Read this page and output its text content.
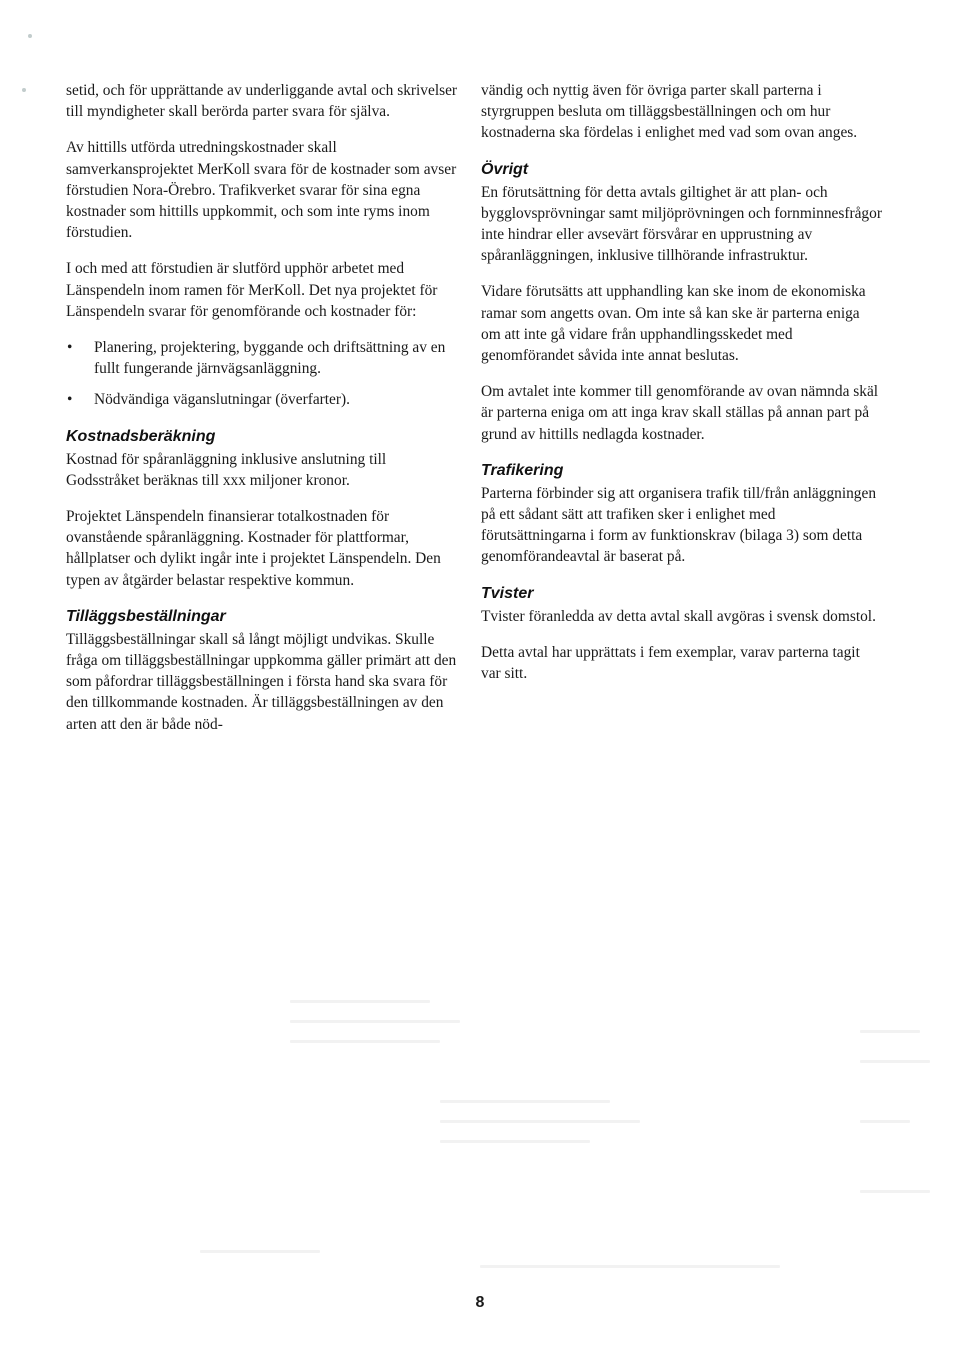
setid, och för upprättande av underliggande avtal och skrivelser till myndigheter skall berörda parter svara för själva.

Av hittills utförda utredningskostnader skall samverkansprojektet MerKoll svara för de kostnader som avser förstudien Nora-Örebro. Trafikverket svarar för sina egna kostnader som hittills uppkommit, och som inte ryms inom förstudien.

I och med att förstudien är slutförd upphör arbetet med Länspendeln inom ramen för MerKoll. Det nya projektet för Länspendeln svarar för genomförande och kostnader för:

• Planering, projektering, byggande och driftsättning av en fullt fungerande järnvägsanläggning.
• Nödvändiga väganslutningar (överfarter).
Kostnadsberäkning

Kostnad för spåranläggning inklusive anslutning till Godsstråket beräknas till xxx miljoner kronor.

Projektet Länspendeln finansierar totalkostnaden för ovanstående spåranläggning. Kostnader för plattformar, hållplatser och dylikt ingår inte i projektet Länspendeln. Den typen av åtgärder belastar respektive kommun.

Tilläggsbeställningar

Tilläggsbeställningar skall så långt möjligt undvikas. Skulle fråga om tilläggsbeställningar uppkomma gäller primärt att den som påfordrar tilläggsbeställningen i första hand ska svara för den tillkommande kostnaden. Är tilläggsbeställningen av den arten att den är både nöd-

vändig och nyttig även för övriga parter skall parterna i styrgruppen besluta om tilläggsbeställningen och om hur kostnaderna ska fördelas i enlighet med vad som ovan anges.

Övrigt

En förutsättning för detta avtals giltighet är att plan- och bygglovsprövningar samt miljöprövningen och fornminnesfrågor inte hindrar eller avsevärt försvårar en upprustning av spåranläggningen, inklusive tillhörande infrastruktur.

Vidare förutsätts att upphandling kan ske inom de ekonomiska ramar som angetts ovan. Om inte så kan ske är parterna eniga om att inte gå vidare från upphandlingsskedet med genomförandet såvida inte annat beslutas.

Om avtalet inte kommer till genomförande av ovan nämnda skäl är parterna eniga om att inga krav skall ställas på annan part på grund av hittills nedlagda kostnader.

Trafikering

Parterna förbinder sig att organisera trafik till/från anläggningen på ett sådant sätt att trafiken sker i enlighet med förutsättningarna i form av funktionskrav (bilaga 3) som detta genomförandeavtal är baserat på.

Tvister

Tvister föranledda av detta avtal skall avgöras i svensk domstol.

Detta avtal har upprättats i fem exemplar, varav parterna tagit var sitt.

8
